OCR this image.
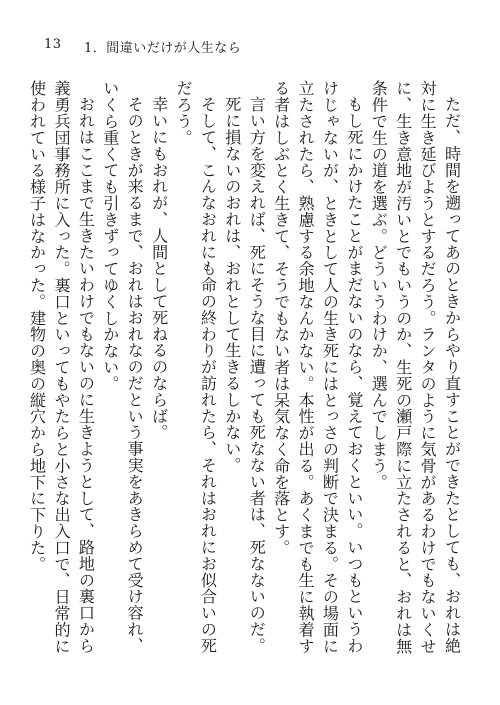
13 1．間違いだけが人生なら

ただ、時間を遡ってあのときからやり直すことができたとしても、おれは絶対に生き延びようとするだろう。ランタのように気骨があるわけでもないくせに、生き意地が汚いとでもいうのか、生死の瀬戸際に立たされると、おれは無条件で生の道を選ぶ。どういうわけか、選んでしまう。

もし死にかけたことがまだないのなら、覚えておくといい。いつもというわけじゃないが、ときとして人の生き死にはとっさの判断で決まる。その場面に立たされたら、熟慮する余地なんかない。本性が出る。あくまでも生に執着する者はしぶとく生きて、そうでもない者は呆気なく命を落とす。

言い方を変えれば、死にそうな目に遭っても死なない者は、死なないのだ。

死に損ないのおれは、おれとして生きるしかない。

そして、こんなおれにも命の終わりが訪れたら、それはおれにお似合いの死だろう。

幸いにもおれが、人間として死ねるのならば。

そのときが来るまで、おれはおれなのだという事実をあきらめて受け容れ、いくら重くても引きずってゆくしかない。

おれはここまで生きたいわけでもないのに生きようとして、路地の裏口から義勇兵団事務所に入った。裏口といってもやたらと小さな出入口で、日常的に使われている様子はなかった。建物の奥の縦穴から地下に下りた。
